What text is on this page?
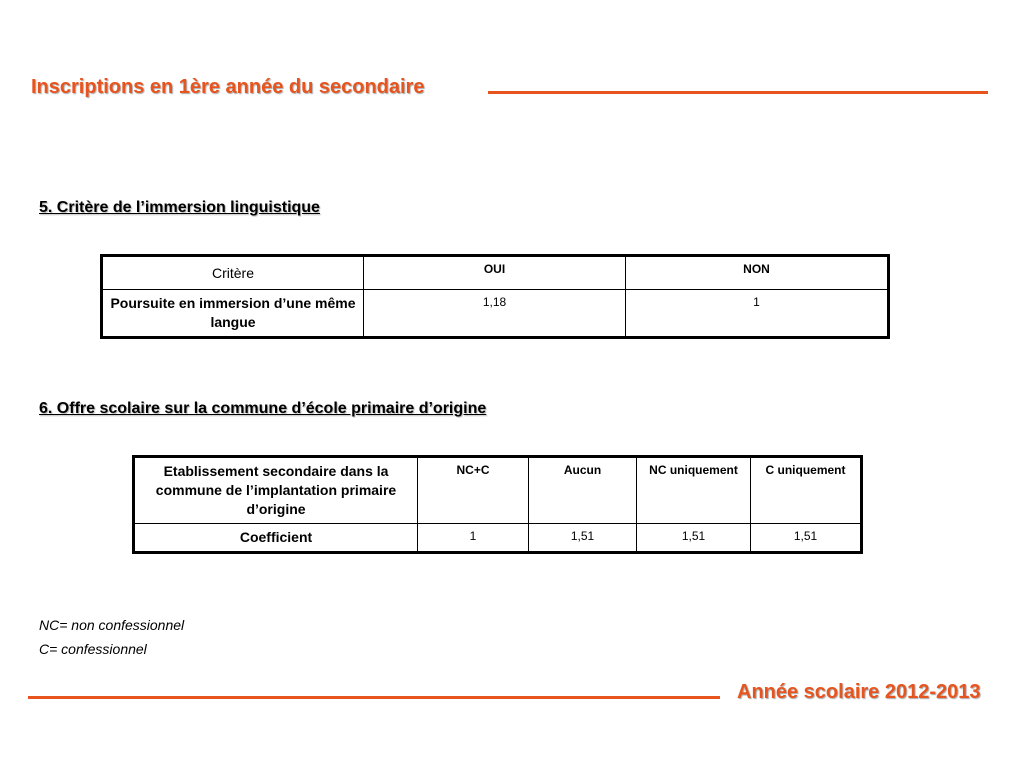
Inscriptions en 1ère année du secondaire
5. Critère de l’immersion linguistique
Critère	OUI	NON
Poursuite en immersion d’une même langue	1,18	1
6. Offre scolaire sur la commune d’école primaire d’origine
Etablissement secondaire dans la commune de l’implantation primaire d’origine	NC+C	Aucun	NC uniquement	C uniquement
Coefficient	1	1,51	1,51	1,51
NC= non confessionnel
C= confessionnel
Année scolaire 2012-2013
